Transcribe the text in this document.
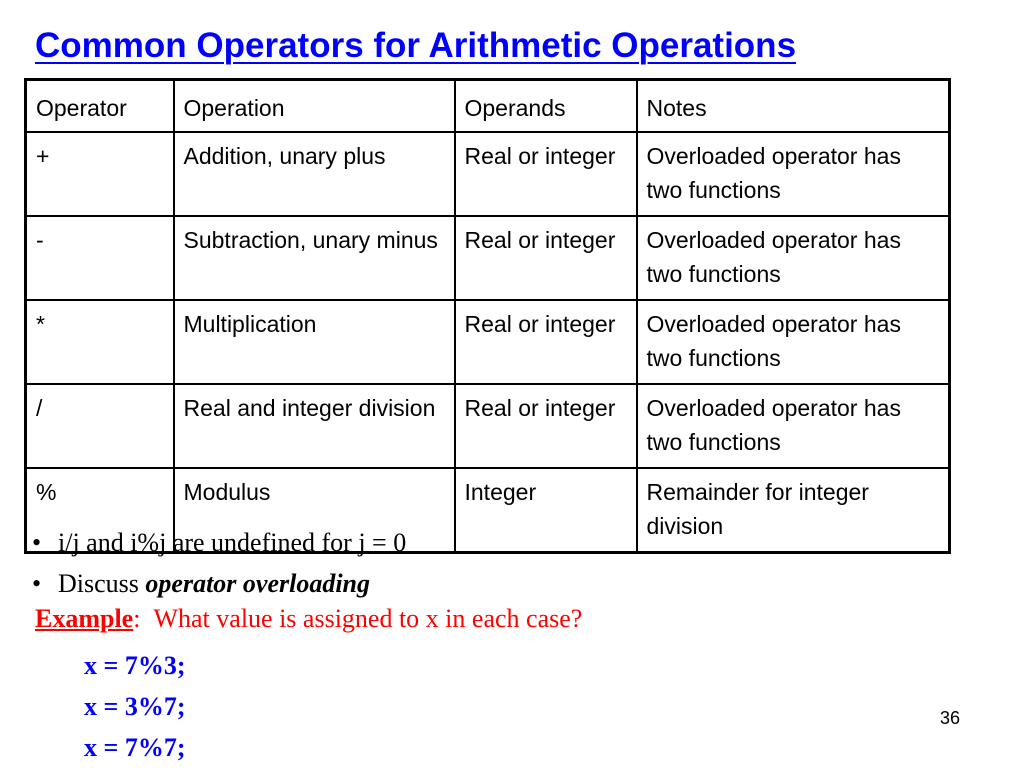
Common Operators for Arithmetic Operations
Operator	Operation	Operands	Notes
+	Addition, unary plus	Real or integer	Overloaded operator has two functions
-	Subtraction, unary minus	Real or integer	Overloaded operator has two functions
*	Multiplication	Real or integer	Overloaded operator has two functions
/	Real and integer division	Real or integer	Overloaded operator has two functions
%	Modulus	Integer	Remainder for integer division
• i/j and i%j are undefined for j = 0
• Discuss operator overloading

Example: What value is assigned to x in each case?

x = 7%3;
x = 3%7;
x = 7%7;
36
